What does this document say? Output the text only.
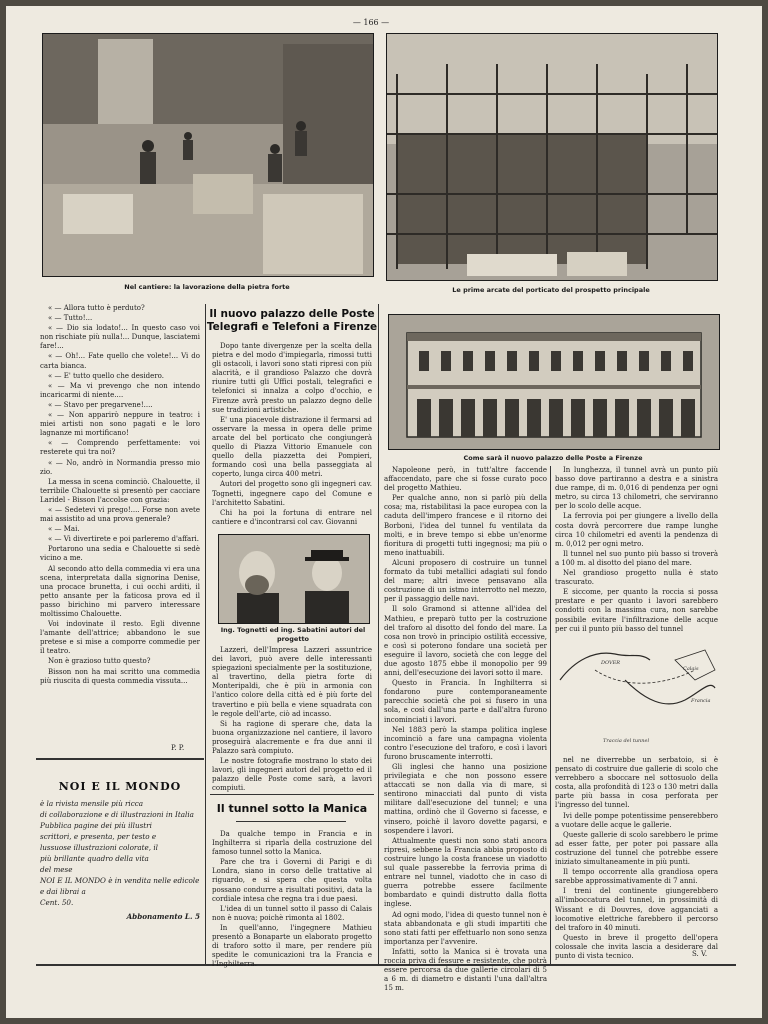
— 166 —
Nel cantiere: la lavorazione della pietra forte	Le prime arcate del porticato del prospetto principale

« — Allora tutto è perduto?

« — Tutto!...

« — Dio sia lodato!... In questo caso voi non rischiate più nulla!... Dunque, lasciatemi fare!...

« — Oh!... Fate quello che volete!... Vi do carta bianca.

« — E' tutto quello che desidero.

« — Ma vi prevengo che non intendo incaricarmi di niente....

« — Stavo per pregarvene!....

« — Non apparirò neppure in teatro: i miei artisti non sono pagati e le loro lagnanze mi mortificano!

« — Comprendo perfettamente: voi resterete qui tra noi?

« — No, andrò in Normandia presso mio zio.

La messa in scena cominciò. Chalouette, il terribile Chalouette si presentò per cacciare Laridel - Bisson l'accolse con grazia:

« — Sedetevi vi prego!.... Forse non avete mai assistito ad una prova generale?

« — Mai.

« — Vi divertirete e poi parleremo d'affari.

Portarono una sedia e Chalouette si sedè vicino a me.

Al secondo atto della commedia vi era una scena, interpretata dalla signorina Denise, una procace brunetta, i cui occhi arditi, il petto ansante per la faticosa prova ed il passo birichino mi parvero interessare moltissimo Chalouette.

Voi indovinate il resto. Egli divenne l'amante dell'attrice; abbandono le sue pretese e si mise a comporre commedie per il teatro.

Non è grazioso tutto questo?

Bisson non ha mai scritto una commedia più riuscita di questa commedia vissuta...

P. P.
NOI E IL MONDO
è la rivista mensile più ricca
di collaborazione e di illustrazioni in Italia
Pubblica pagine dei più illustri
scrittori, e presenta, per testo e
lussuose illustrazioni colorate, il
più brillante quadro della vita
del mese
NOI E IL MONDO è in vendita nelle edicole e dai librai a
Cent. 50.
Abbonamento L. 5
Il nuovo palazzo delle Poste Telegrafi e Telefoni a Firenze

Dopo tante divergenze per la scelta della pietra e del modo d'impiegarla, rimossi tutti gli ostacoli, i lavori sono stati ripresi con più alacrità, e il grandioso Palazzo che dovrà riunire tutti gli Uffici postali, telegrafici e telefonici si innalza a colpo d'occhio, e Firenze avrà presto un palazzo degno delle sue tradizioni artistiche.

E' una piacevole distrazione il fermarsi ad osservare la messa in opera delle prime arcate del bel porticato che congiungerà quello di Piazza Vittorio Emanuele con quello della piazzetta dei Pompieri, formando così una bella passeggiata al coperto, lunga circa 400 metri.

Autori del progetto sono gli ingegneri cav. Tognetti, ingegnere capo del Comune e l'architetto Sabatini.

Chi ha poi la fortuna di entrare nel cantiere e d'incontrarsi col cav. Giovanni

Ing. Tognetti ed ing. Sabatini autori del progetto

Lazzeri, dell'Impresa Lazzeri assuntrice dei lavori, può avere delle interessanti spiegazioni specialmente per la sostituzione, al travertino, della pietra forte di Monteripaldi, che è più in armonia con l'antico colore della città ed è più forte del travertino e più bella e viene squadrata con le regole dell'arte, ciò ad incasso.

Si ha ragione di sperare che, data la buona organizzazione nel cantiere, il lavoro proseguirà alacremente e fra due anni il Palazzo sarà compiuto.

Le nostre fotografie mostrano lo stato dei lavori, gli ingegneri autori del progetto ed il palazzo delle Poste come sarà, a lavori compiuti.

Il tunnel sotto la Manica

Da qualche tempo in Francia e in Inghilterra si riparla della costruzione del famoso tunnel sotto la Manica.

Pare che tra i Governi di Parigi e di Londra, siano in corso delle trattative al riguardo, e si spera che questa volta possano condurre a risultati positivi, data la cordiale intesa che regna tra i due paesi.

L'idea di un tunnel sotto il passo di Calais non è nuova; poichè rimonta al 1802.

In quell'anno, l'ingegnere Mathieu presentò a Bonaparte un elaborato progetto di traforo sotto il mare, per rendere più spedite le comunicazioni tra la Francia e l'Inghilterra.

Come sarà il nuovo palazzo delle Poste a Firenze

Napoleone però, in tutt'altre faccende affaccendato, pare che si fosse curato poco del progetto Mathieu.

Per qualche anno, non si parlò più della cosa; ma, ristabilitasi la pace europea con la caduta dell'impero francese e il ritorno dei Borboni, l'idea del tunnel fu ventilata da molti, e in breve tempo si ebbe un'enorme fioritura di progetti tutti ingegnosi; ma più o meno inattuabili.

Alcuni proposero di costruire un tunnel formato da tubi metallici adagiati sul fondo del mare; altri invece pensavano alla costruzione di un istmo interrotto nel mezzo, per il passaggio delle navi.

Il solo Gramond si attenne all'idea del Mathieu, e preparò tutto per la costruzione del traforo al disotto del fondo del mare. La cosa non trovò in principio ostilità eccessive, e così si poterono fondare una società per eseguire il lavoro, società che con legge del due agosto 1875 ebbe il monopolio per 99 anni, dell'esecuzione dei lavori sotto il mare.

Questo in Francia. In Inghilterra si fondarono pure contemporaneamente parecchie società che poi si fusero in una sola, e così dall'una parte e dall'altra furono incominciati i lavori.

Nel 1883 però la stampa politica inglese incominciò a fare una campagna violenta contro l'esecuzione del traforo, e così i lavori furono bruscamente interrotti.

Gli inglesi che hanno una posizione privilegiata e che non possono essere attaccati se non dalla via di mare, si sentirono minacciati dal punto di vista militare dall'esecuzione del tunnel; e una mattina, ordinò che il Governo si facesse, e vinsero, poichè il lavoro dovette pagarsi, e sospendere i lavori.

Attualmente questi non sono stati ancora ripresi, sebbene la Francia abbia proposto di costruire lungo la costa francese un viadotto sul quale passerebbe la ferrovia prima di entrare nel tunnel, viadotto che in caso di guerra potrebbe essere facilmente bombardato e quindi distrutto dalla flotta inglese.

Ad ogni modo, l'idea di questo tunnel non è stata abbandonata e gli studi impartiti che sono stati fatti per effettuarlo non sono senza importanza per l'avvenire.

Infatti, sotto la Manica si è trovata una roccia priva di fessure e resistente, che potrà essere percorsa da due gallerie circolari di 5 a 6 m. di diametro e distanti l'una dall'altra 15 m.

In lunghezza, il tunnel avrà un punto più basso dove partiranno a destra e a sinistra due rampe, di m. 0,016 di pendenza per ogni metro, su circa 13 chilometri, che serviranno per lo scolo delle acque.

La ferrovia poi per giungere a livello della costa dovrà percorrere due rampe lunghe circa 10 chilometri ed aventi la pendenza di m. 0,012 per ogni metro.

Il tunnel nel suo punto più basso si troverà a 100 m. al disotto del piano del mare.

Nel grandioso progetto nulla è stato trascurato.

E siccome, per quanto la roccia si possa prestare e per quanto i lavori sarebbero condotti con la massima cura, non sarebbe possibile evitare l'infiltrazione delle acque per cui il punto più basso del tunnel

DOVER
Calais
Francia
Traccia del tunnel

nel ne diverrebbe un serbatoio, si è pensato di costruire due gallerie di scolo che verrebbero a sboccare nel sottosuolo della costa, alla profondità di 123 o 130 metri dalla parte più bassa in cosa perforata per l'ingresso del tunnel.

Ivi delle pompe potentissime penserebbero a vuotare delle acque le gallerie.

Queste gallerie di scolo sarebbero le prime ad esser fatte, per poter poi passare alla costruzione del tunnel che potrebbe essere iniziato simultaneamente in più punti.

Il tempo occorrente alla grandiosa opera sarebbe approssimativamente di 7 anni.

I treni del continente giungerebbero all'imboccatura del tunnel, in prossimità di Wissant e di Douvres, dove agganciati a locomotive elettriche farebbero il percorso del traforo in 40 minuti.

Questo in breve il progetto dell'opera colossale che invita lascia a desiderare dal punto di vista tecnico.	S. V.
